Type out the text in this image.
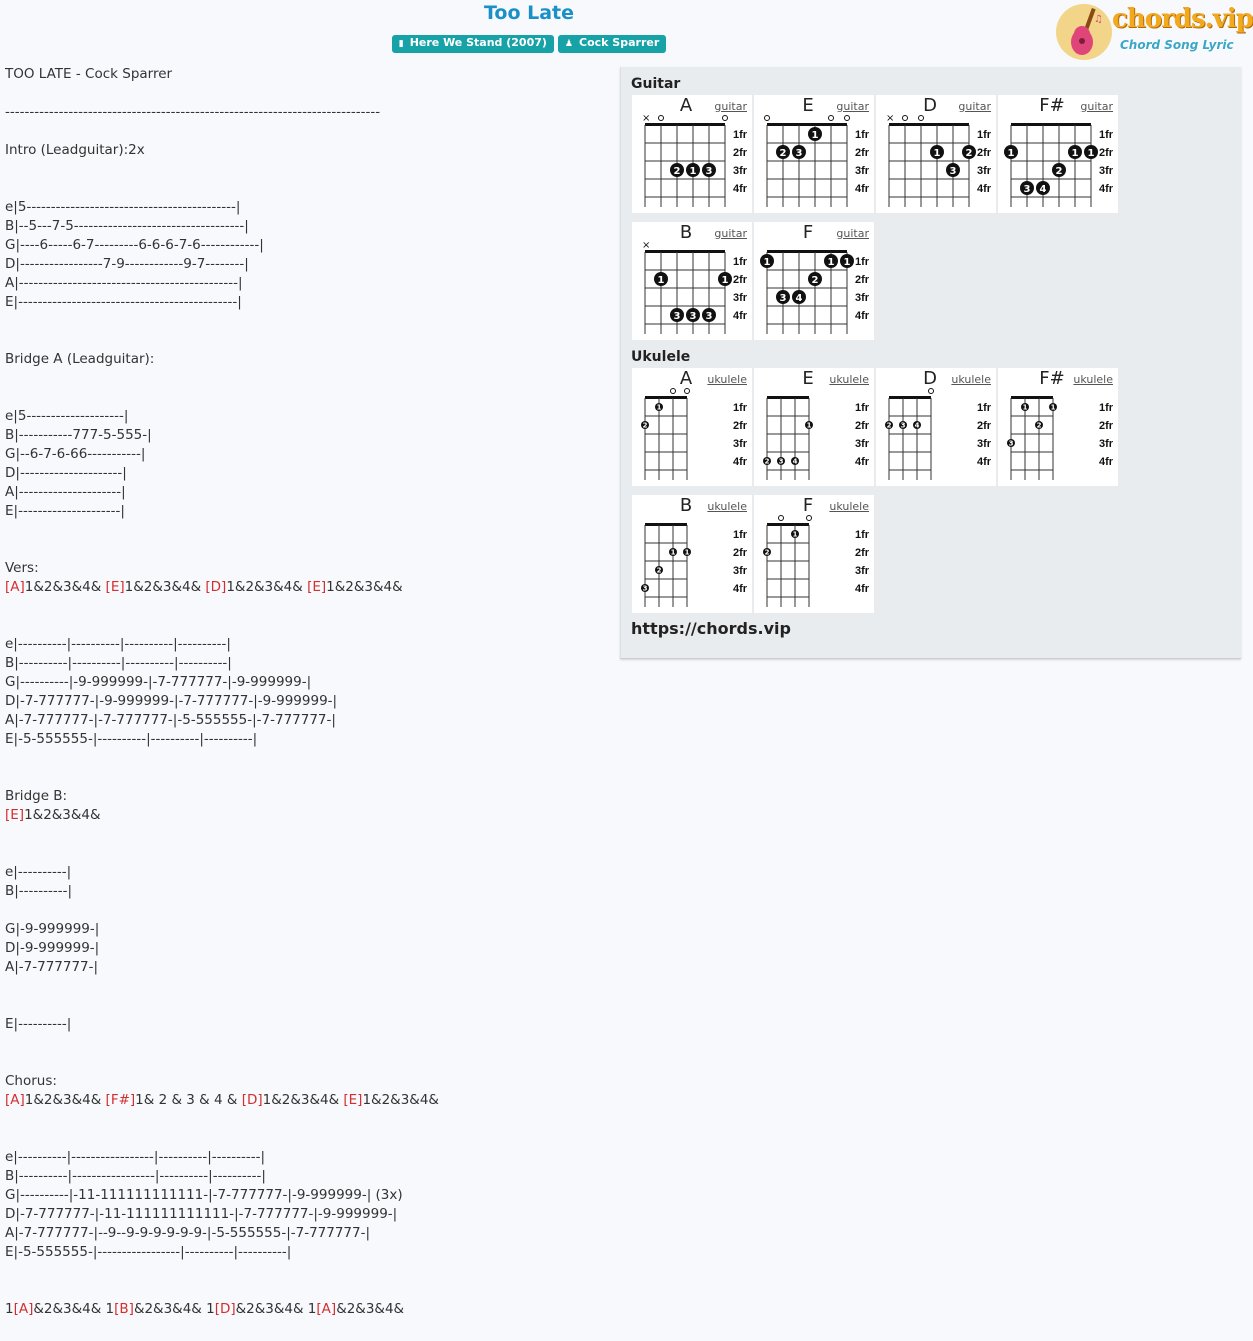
Too Late
▮ Here We Stand (2007) ♟ Cock Sparrer
♫ chords.vip
Chord Song Lyric
TOO LATE - Cock Sparrer
-----------------------------------------------------------------------------
Intro (Leadguitar):2x
e|5-------------------------------------------|
B|--5---7-5-----------------------------------|
G|----6-----6-7---------6-6-6-7-6------------|
D|-----------------7-9------------9-7--------|
A|---------------------------------------------|
E|---------------------------------------------|
Bridge A (Leadguitar):
e|5--------------------|
B|-----------777-5-555-|
G|--6-7-6-66-----------|
D|---------------------|
A|---------------------|
E|---------------------|
Vers:
[A]1&2&3&4& [E]1&2&3&4& [D]1&2&3&4& [E]1&2&3&4&
e|----------|----------|----------|----------|
B|----------|----------|----------|----------|
G|----------|-9-999999-|-7-777777-|-9-999999-|
D|-7-777777-|-9-999999-|-7-777777-|-9-999999-|
A|-7-777777-|-7-777777-|-5-555555-|-7-777777-|
E|-5-555555-|----------|----------|----------|
Bridge B:
[E]1&2&3&4&
e|----------|
B|----------|
G|-9-999999-|
D|-9-999999-|
A|-7-777777-|
E|----------|
Chorus:
[A]1&2&3&4& [F#]1& 2 & 3 & 4 & [D]1&2&3&4& [E]1&2&3&4&
e|----------|-----------------|----------|----------|
B|----------|-----------------|----------|----------|
G|----------|-11-111111111111-|-7-777777-|-9-999999-| (3x)
D|-7-777777-|-11-111111111111-|-7-777777-|-9-999999-|
A|-7-777777-|--9--9-9-9-9-9-9-|-5-555555-|-7-777777-|
E|-5-555555-|-----------------|----------|----------|
1[A]&2&3&4& 1[B]&2&3&4& 1[D]&2&3&4& 1[A]&2&3&4&
Guitar
1fr
2fr
3fr
4fr
×
2 1 3
A	guitar
1fr
2fr
3fr
4fr
1
2 3
E	guitar
1fr
2fr
3fr
4fr
×
1	2
3
D	guitar
1fr
2fr
3fr
4fr
1	1 1
2
3 4
F#	guitar
1fr
2fr
3fr
4fr
×
1	1
3 3 3
B	guitar
1fr
2fr
3fr
4fr
1	1 1
2
3 4
F	guitar
Ukulele
1fr
2fr
3fr
4fr
1
2
A	ukulele
1fr
2fr
3fr
4fr
1
2 3 4
E	ukulele
1fr
2fr
3fr
4fr
2 3 4
D	ukulele
1fr
2fr
3fr
4fr
1	1
2
3
F# ukulele
1fr
2fr
3fr
4fr
1 1
2
3
B	ukulele
1fr
2fr
3fr
4fr
1
2
F	ukulele
https://chords.vip
